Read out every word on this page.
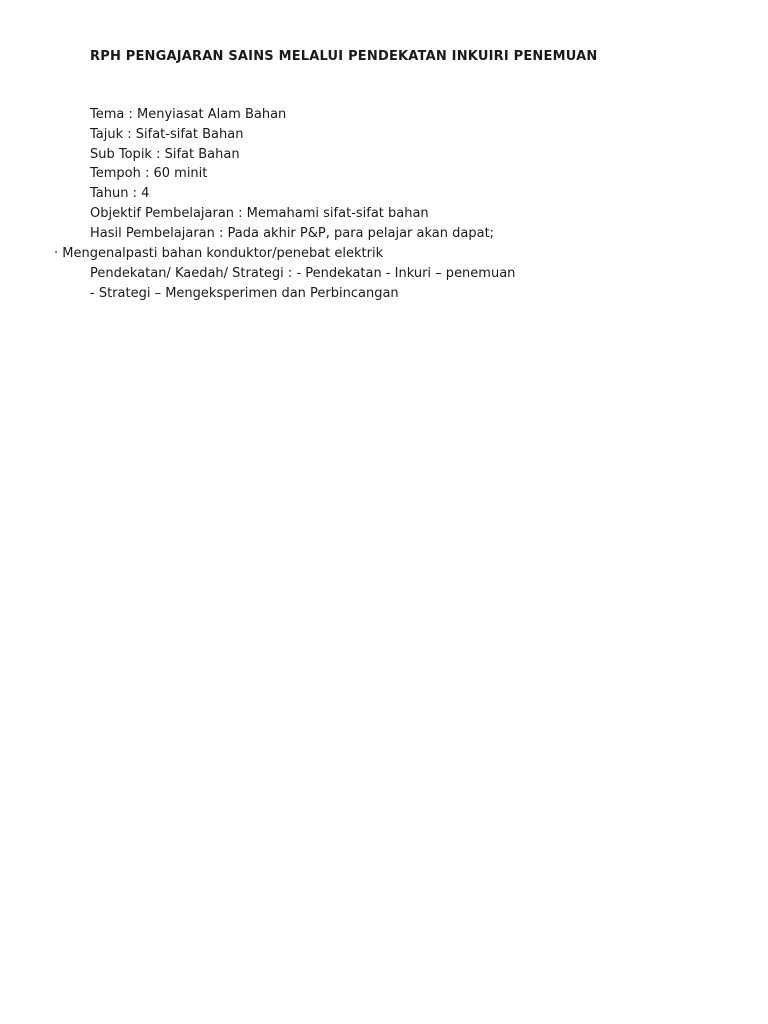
RPH PENGAJARAN SAINS MELALUI PENDEKATAN INKUIRI PENEMUAN
Tema : Menyiasat Alam Bahan
Tajuk : Sifat-sifat Bahan
Sub Topik : Sifat Bahan
Tempoh : 60 minit
Tahun : 4
Objektif Pembelajaran : Memahami sifat-sifat bahan
Hasil Pembelajaran : Pada akhir P&P, para pelajar akan dapat;
· Mengenalpasti bahan konduktor/penebat elektrik
Pendekatan/ Kaedah/ Strategi : - Pendekatan - Inkuri – penemuan
- Strategi – Mengeksperimen dan Perbincangan
